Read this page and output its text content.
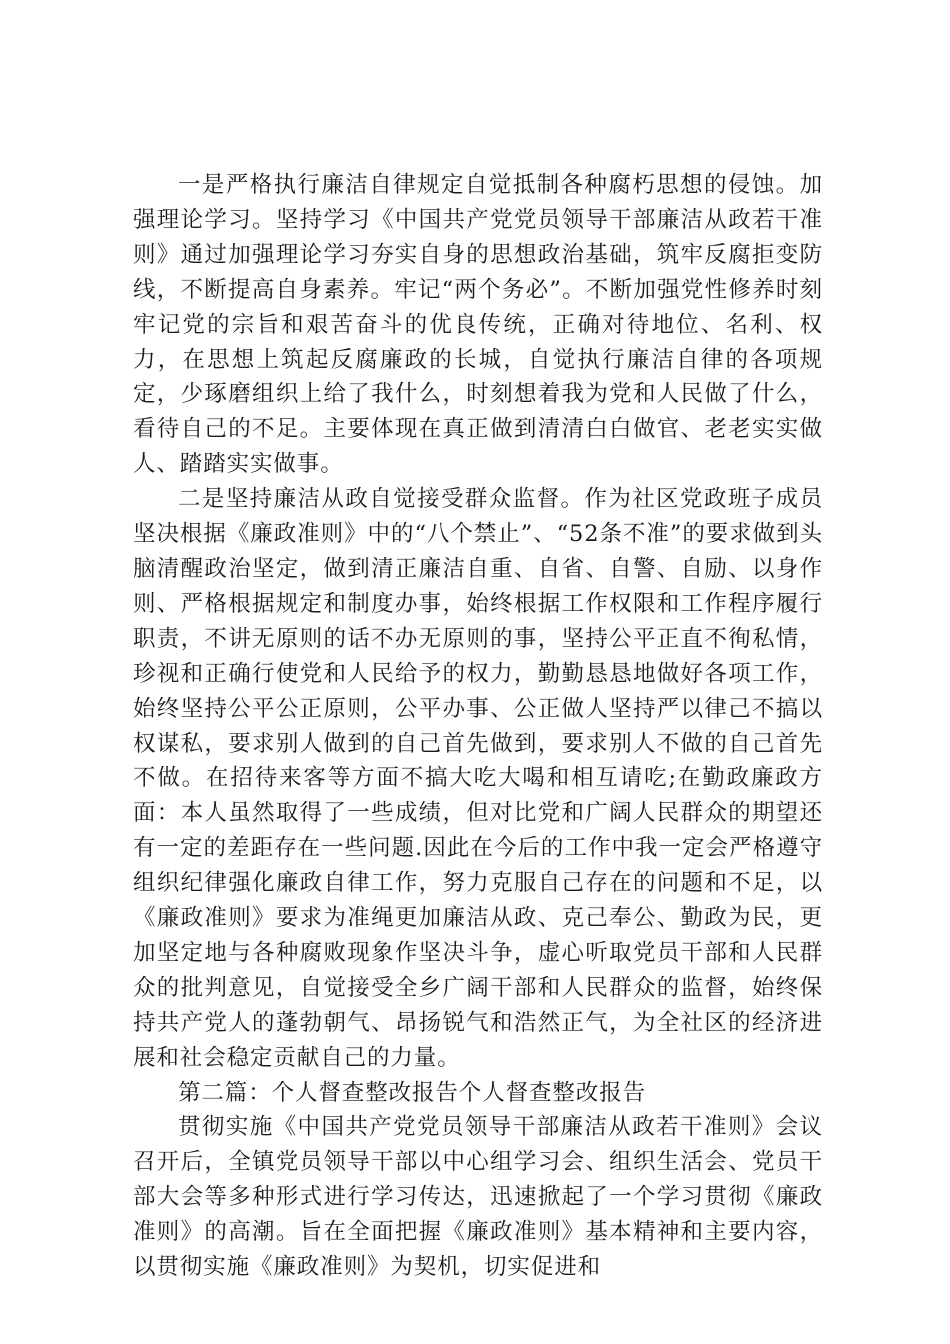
一是严格执行廉洁自律规定自觉抵制各种腐朽思想的侵蚀。加强理论学习。坚持学习《中国共产党党员领导干部廉洁从政若干准则》通过加强理论学习夯实自身的思想政治基础，筑牢反腐拒变防线，不断提高自身素养。牢记“两个务必”。不断加强党性修养时刻牢记党的宗旨和艰苦奋斗的优良传统，正确对待地位、名利、权力，在思想上筑起反腐廉政的长城，自觉执行廉洁自律的各项规定，少琢磨组织上给了我什么，时刻想着我为党和人民做了什么，看待自己的不足。主要体现在真正做到清清白白做官、老老实实做人、踏踏实实做事。

二是坚持廉洁从政自觉接受群众监督。作为社区党政班子成员坚决根据《廉政准则》中的“八个禁止”、“52条不准”的要求做到头脑清醒政治坚定，做到清正廉洁自重、自省、自警、自励、以身作则、严格根据规定和制度办事，始终根据工作权限和工作程序履行职责，不讲无原则的话不办无原则的事，坚持公平正直不徇私情，珍视和正确行使党和人民给予的权力，勤勤恳恳地做好各项工作，始终坚持公平公正原则，公平办事、公正做人坚持严以律己不搞以权谋私，要求别人做到的自己首先做到，要求别人不做的自己首先不做。在招待来客等方面不搞大吃大喝和相互请吃;在勤政廉政方面：本人虽然取得了一些成绩，但对比党和广阔人民群众的期望还有一定的差距存在一些问题.因此在今后的工作中我一定会严格遵守组织纪律强化廉政自律工作，努力克服自己存在的问题和不足，以《廉政准则》要求为准绳更加廉洁从政、克己奉公、勤政为民，更加坚定地与各种腐败现象作坚决斗争，虚心听取党员干部和人民群众的批判意见，自觉接受全乡广阔干部和人民群众的监督，始终保持共产党人的蓬勃朝气、昂扬锐气和浩然正气，为全社区的经济进展和社会稳定贡献自己的力量。

第二篇：个人督查整改报告个人督查整改报告

贯彻实施《中国共产党党员领导干部廉洁从政若干准则》会议召开后，全镇党员领导干部以中心组学习会、组织生活会、党员干部大会等多种形式进行学习传达，迅速掀起了一个学习贯彻《廉政准则》的高潮。旨在全面把握《廉政准则》基本精神和主要内容，以贯彻实施《廉政准则》为契机，切实促进和
